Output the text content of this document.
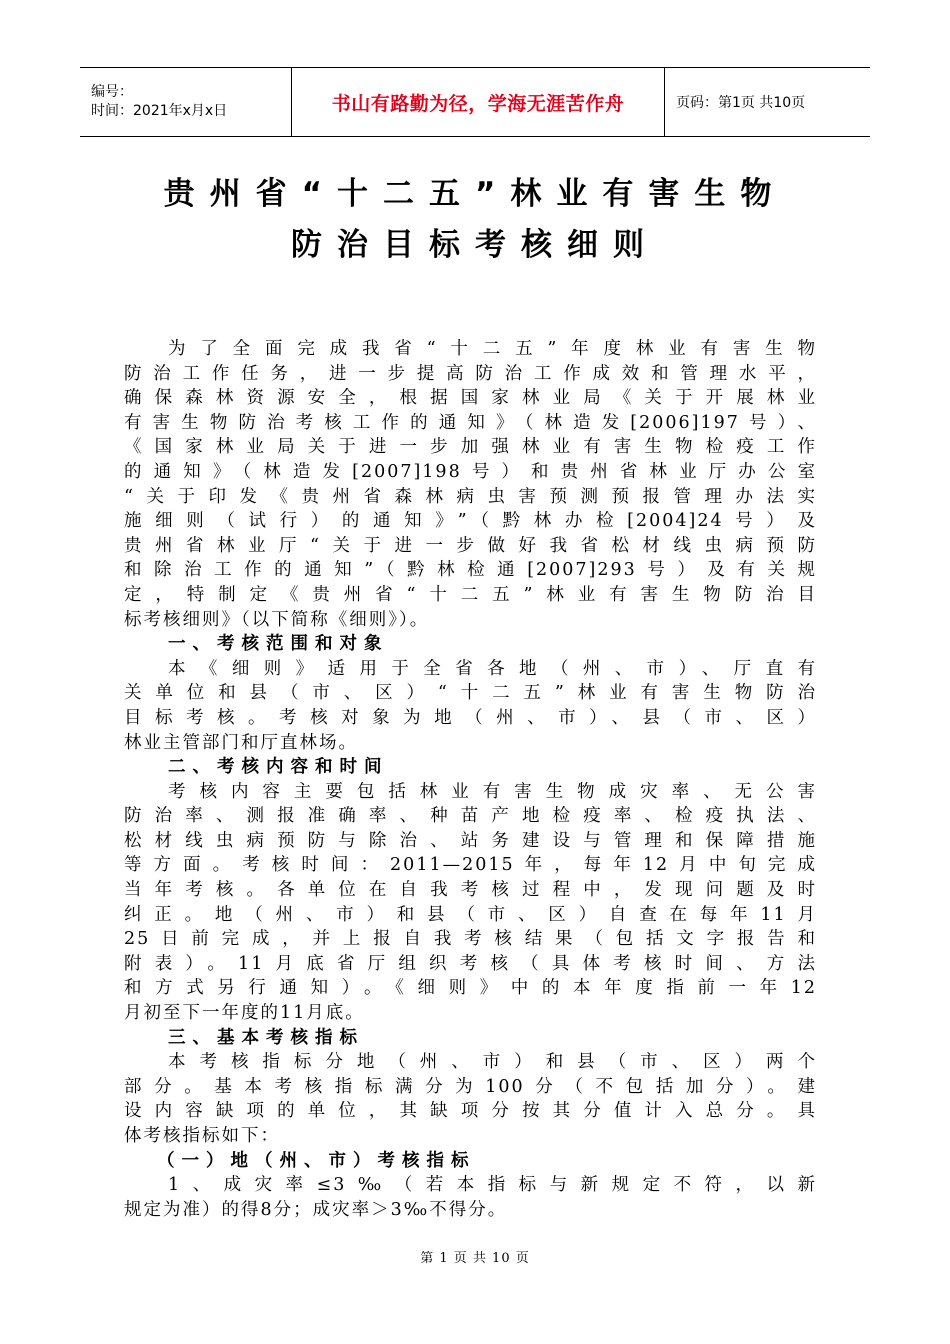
编号：
时间：2021年x月x日	书山有路勤为径，学海无涯苦作舟	页码：第1页 共10页
贵州省“十二五”林业有害生物
防治目标考核细则
为了全面完成我省“十二五”年度林业有害生物
防治工作任务，进一步提高防治工作成效和管理水平，
确保森林资源安全，根据国家林业局《关于开展林业
有害生物防治考核工作的通知》（林造发[2006]197号）、
《国家林业局关于进一步加强林业有害生物检疫工作
的通知》（林造发[2007]198号）和贵州省林业厅办公室
“关于印发《贵州省森林病虫害预测预报管理办法实
施细则（试行）的通知》”（黔林办检[2004]24号）及
贵州省林业厅“关于进一步做好我省松材线虫病预防
和除治工作的通知”（黔林检通[2007]293号）及有关规
定，特制定《贵州省“十二五”林业有害生物防治目
标考核细则》（以下简称《细则》）。
一、考核范围和对象
本《细则》适用于全省各地（州、市）、厅直有
关单位和县（市、区）“十二五”林业有害生物防治
目标考核。考核对象为地（州、市）、县（市、区）
林业主管部门和厅直林场。
二、考核内容和时间
考核内容主要包括林业有害生物成灾率、无公害
防治率、测报准确率、种苗产地检疫率、检疫执法、
松材线虫病预防与除治、站务建设与管理和保障措施
等方面。考核时间：2011—2015年，每年12月中旬完成
当年考核。各单位在自我考核过程中，发现问题及时
纠正。地（州、市）和县（市、区）自查在每年11月
25日前完成，并上报自我考核结果（包括文字报告和
附表）。11月底省厅组织考核（具体考核时间、方法
和方式另行通知）。《细则》中的本年度指前一年12
月初至下一年度的11月底。
三、基本考核指标
本考核指标分地（州、市）和县（市、区）两个
部分。基本考核指标满分为100分（不包括加分）。建
设内容缺项的单位，其缺项分按其分值计入总分。具
体考核指标如下：
（一）地（州、市）考核指标
1、成灾率≤3‰（若本指标与新规定不符，以新
规定为准）的得8分；成灾率＞3‰不得分。
第 1 页 共 10 页
